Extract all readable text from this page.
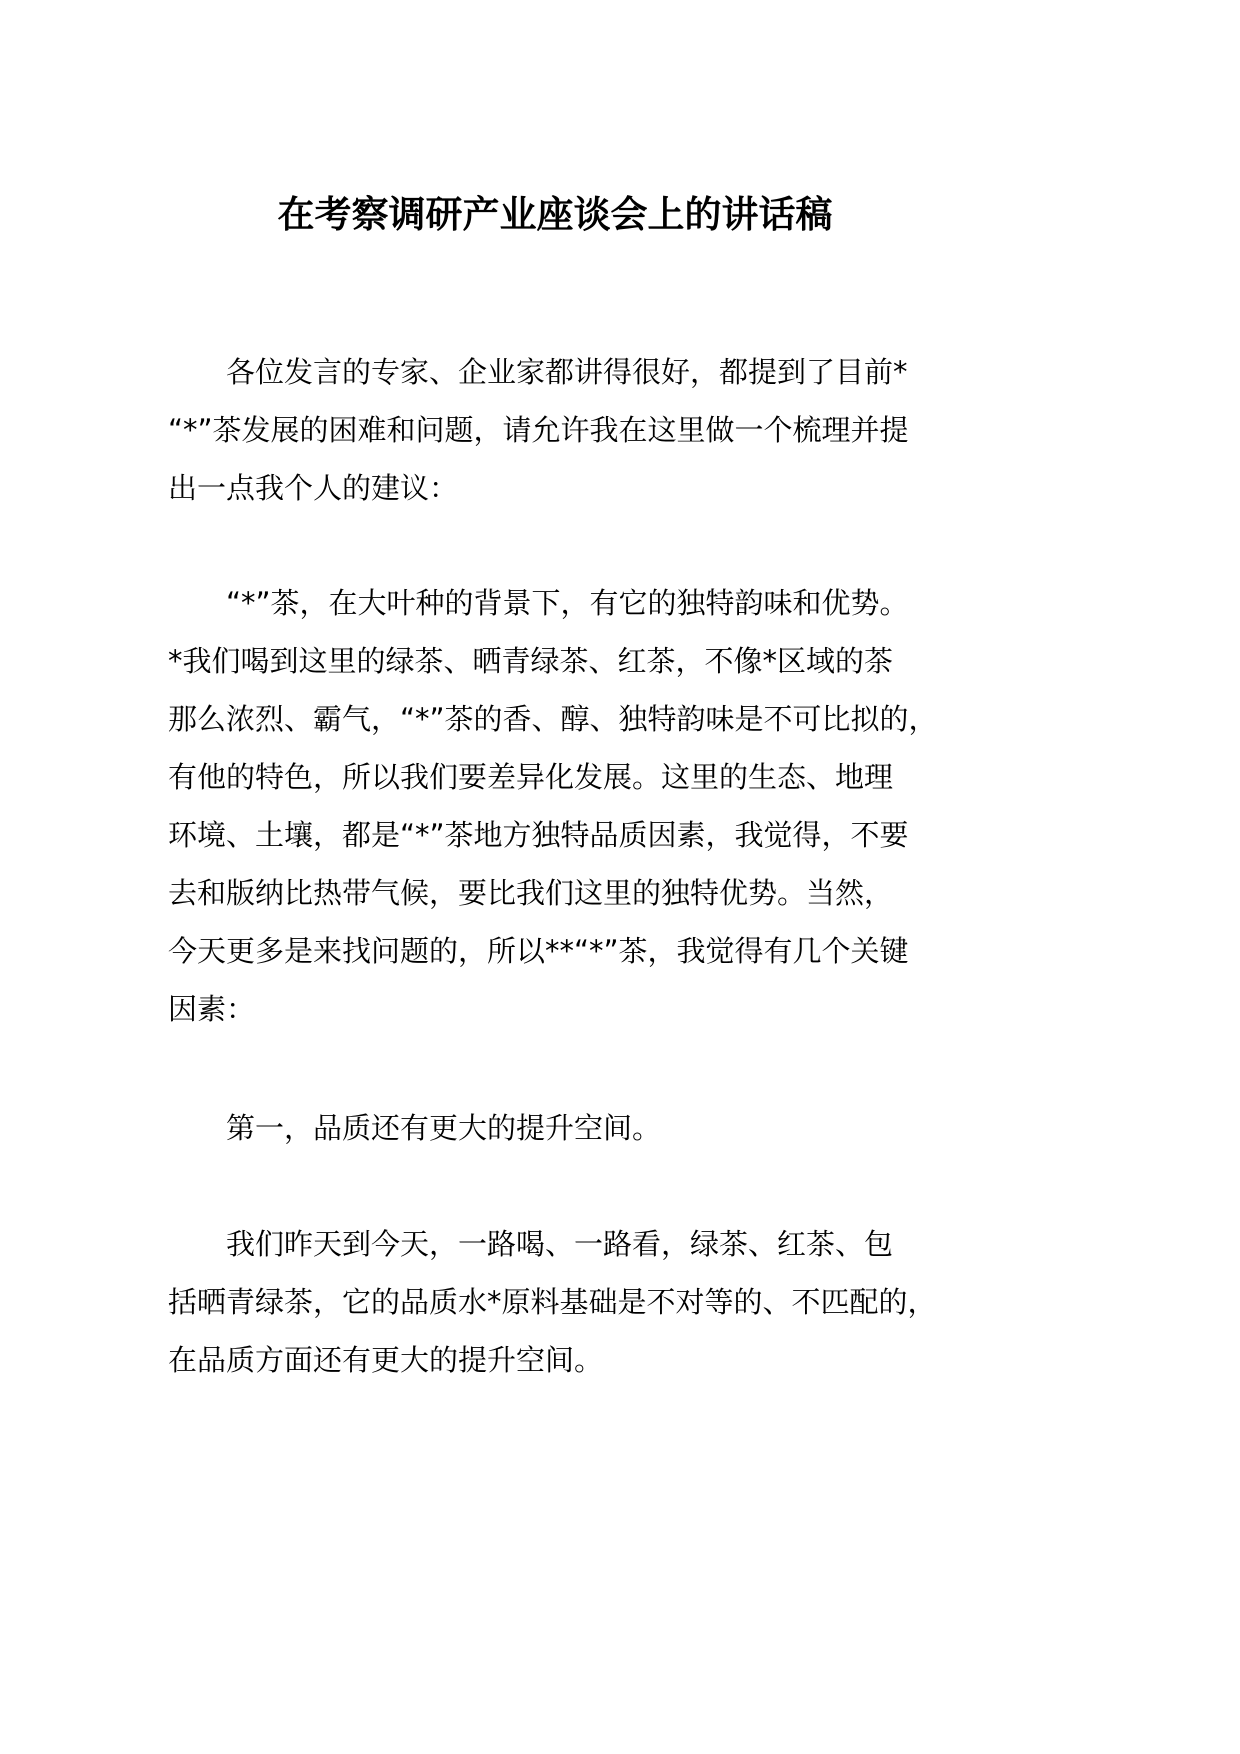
在考察调研产业座谈会上的讲话稿
　　各位发言的专家、企业家都讲得很好，都提到了目前*
“*”茶发展的困难和问题，请允许我在这里做一个梳理并提
出一点我个人的建议：
　　“*”茶，在大叶种的背景下，有它的独特韵味和优势。
*我们喝到这里的绿茶、晒青绿茶、红茶，不像*区域的茶
那么浓烈、霸气，“*”茶的香、醇、独特韵味是不可比拟的，
有他的特色，所以我们要差异化发展。这里的生态、地理
环境、土壤，都是“*”茶地方独特品质因素，我觉得，不要
去和版纳比热带气候，要比我们这里的独特优势。当然，
今天更多是来找问题的，所以**“*”茶，我觉得有几个关键
因素：
　　第一，品质还有更大的提升空间。
　　我们昨天到今天，一路喝、一路看，绿茶、红茶、包
括晒青绿茶，它的品质水*原料基础是不对等的、不匹配的，
在品质方面还有更大的提升空间。
